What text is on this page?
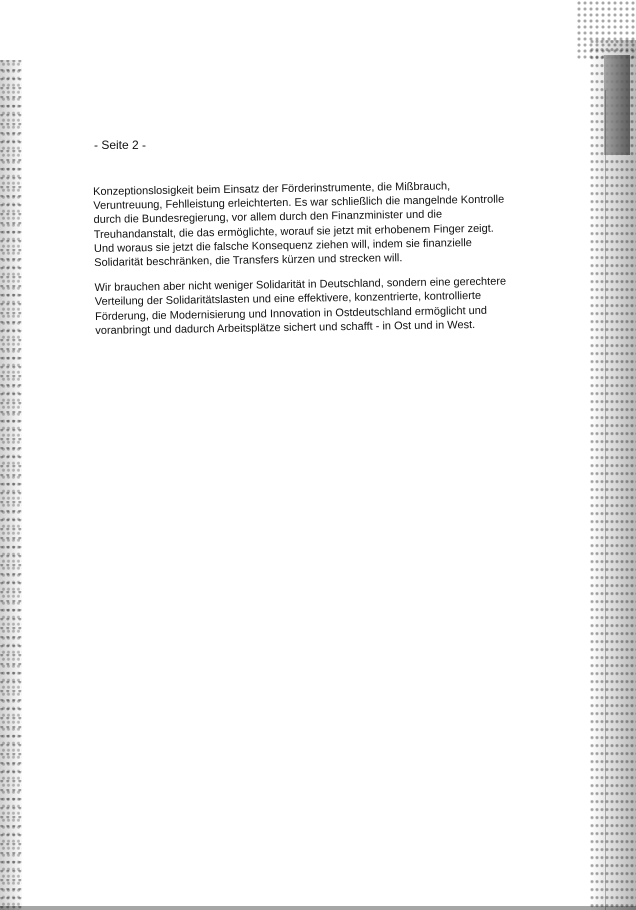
- Seite 2 -

Konzeptionslosigkeit beim Einsatz der Förderinstrumente, die Mißbrauch,
Veruntreuung, Fehlleistung erleichterten. Es war schließlich die mangelnde Kontrolle
durch die Bundesregierung, vor allem durch den Finanzminister und die
Treuhandanstalt, die das ermöglichte, worauf sie jetzt mit erhobenem Finger zeigt.
Und woraus sie jetzt die falsche Konsequenz ziehen will, indem sie finanzielle
Solidarität beschränken, die Transfers kürzen und strecken will.

Wir brauchen aber nicht weniger Solidarität in Deutschland, sondern eine gerechtere
Verteilung der Solidaritätslasten und eine effektivere, konzentrierte, kontrollierte
Förderung, die Modernisierung und Innovation in Ostdeutschland ermöglicht und
voranbringt und dadurch Arbeitsplätze sichert und schafft - in Ost und in West.
